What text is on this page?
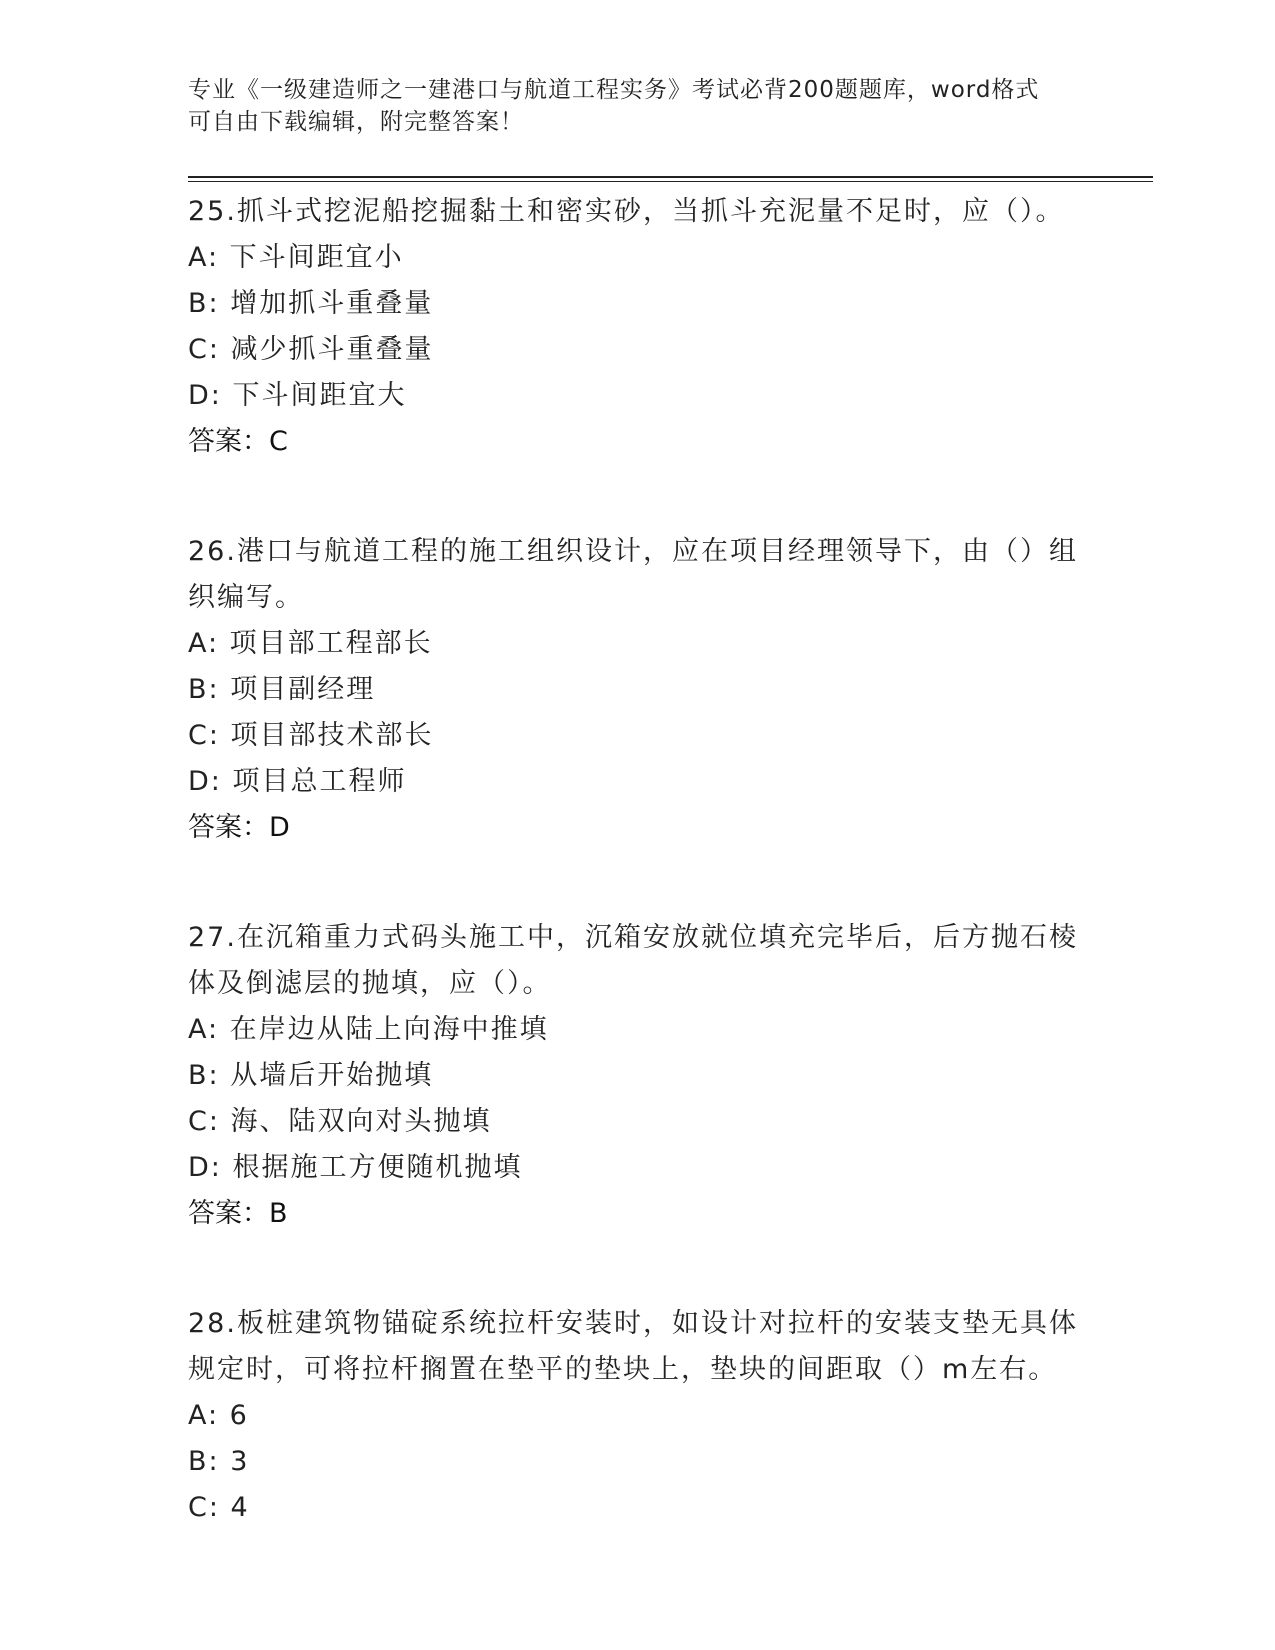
专业《一级建造师之一建港口与航道工程实务》考试必背200题题库，word格式
可自由下载编辑，附完整答案！

25.抓斗式挖泥船挖掘黏土和密实砂，当抓斗充泥量不足时，应（）。

A: 下斗间距宜小
B: 增加抓斗重叠量
C: 减少抓斗重叠量
D: 下斗间距宜大
答案：C

26.港口与航道工程的施工组织设计，应在项目经理领导下，由（）组织编写。

A: 项目部工程部长
B: 项目副经理
C: 项目部技术部长
D: 项目总工程师
答案：D

27.在沉箱重力式码头施工中，沉箱安放就位填充完毕后，后方抛石棱体及倒滤层的抛填，应（）。

A: 在岸边从陆上向海中推填
B: 从墙后开始抛填
C: 海、陆双向对头抛填
D: 根据施工方便随机抛填
答案：B

28.板桩建筑物锚碇系统拉杆安装时，如设计对拉杆的安装支垫无具体规定时，可将拉杆搁置在垫平的垫块上，垫块的间距取（）m左右。

A: 6
B: 3
C: 4
